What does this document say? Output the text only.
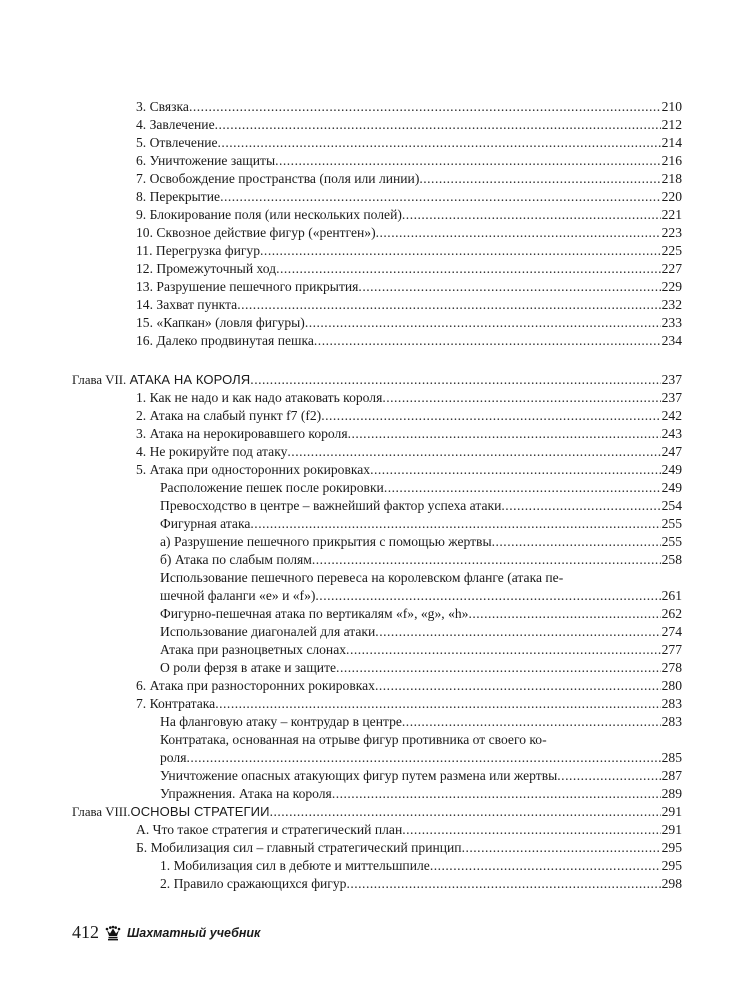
3. Связка .....	210
4. Завлечение .....	212
5. Отвлечение .....	214
6. Уничтожение защиты .....	216
7. Освобождение пространства (поля или линии) .....	218
8. Перекрытие .....	220
9. Блокирование поля (или нескольких полей) .....	221
10. Сквозное действие фигур («рентген») .....	223
11. Перегрузка фигур .....	225
12. Промежуточный ход .....	227
13. Разрушение пешечного прикрытия .....	229
14. Захват пункта .....	232
15. «Капкан» (ловля фигуры) .....	233
16. Далеко продвинутая пешка .....	234
Глава VII. АТАКА НА КОРОЛЯ .....	237
1. Как не надо и как надо атаковать короля .....	237
2. Атака на слабый пункт f7 (f2) .....	242
3. Атака на нерокировавшего короля .....	243
4. Не рокируйте под атаку .....	247
5. Атака при односторонних рокировках .....	249
Расположение пешек после рокировки .....	249
Превосходство в центре – важнейший фактор успеха атаки .....	254
Фигурная атака .....	255
а) Разрушение пешечного прикрытия с помощью жертвы .....	255
б) Атака по слабым полям .....	258
Использование пешечного перевеса на королевском фланге (атака пе-
шечной фаланги «e» и «f») .....	261
Фигурно-пешечная атака по вертикалям «f», «g», «h» .....	262
Использование диагоналей для атаки .....	274
Атака при разноцветных слонах .....	277
О роли ферзя в атаке и защите .....	278
6. Атака при разносторонних рокировках .....	280
7. Контратака .....	283
На фланговую атаку – контрудар в центре .....	283
Контратака, основанная на отрыве фигур противника от своего ко-
роля .....	285
Уничтожение опасных атакующих фигур путем размена или жертвы .....	287
Упражнения. Атака на короля .....	289
Глава VIII.ОСНОВЫ СТРАТЕГИИ .....	291
А. Что такое стратегия и стратегический план .....	291
Б. Мобилизация сил – главный стратегический принцип .....	295
1. Мобилизация сил в дебюте и миттельшпиле .....	295
2. Правило сражающихся фигур .....	298
412 Шахматный учебник
